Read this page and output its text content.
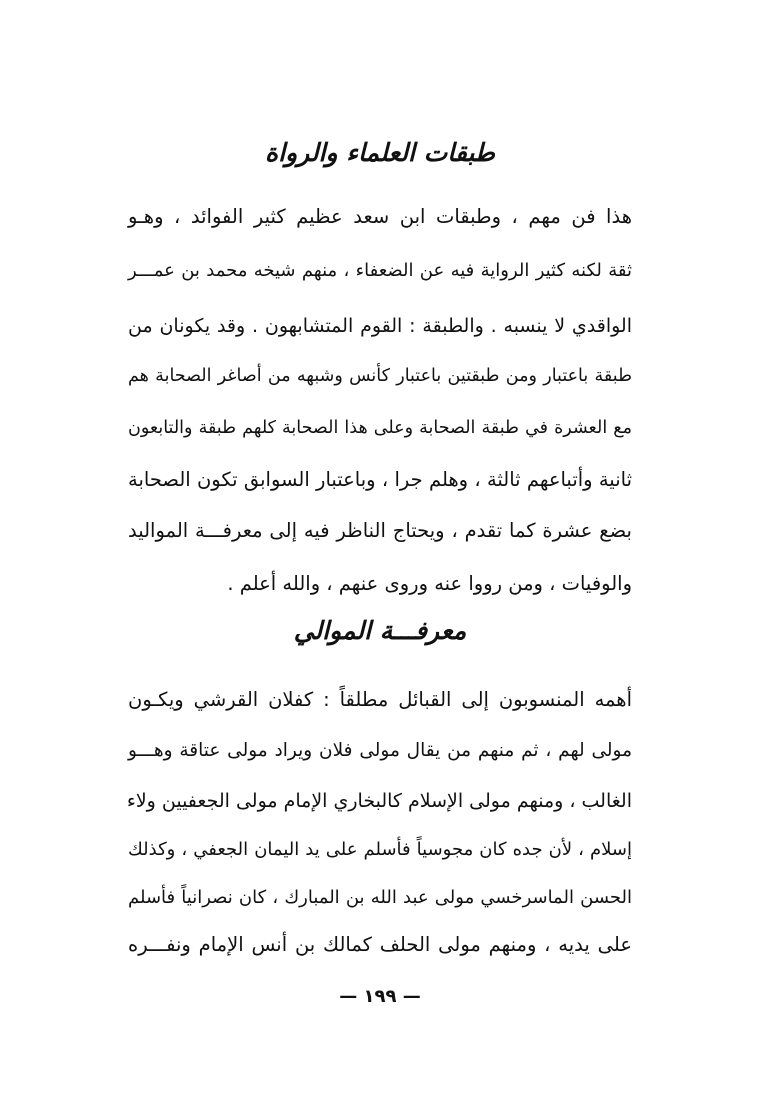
طبقات العلماء والرواة
هذا فن مهم ، وطبقات ابن سعد عظيم كثير الفوائد ، وهـو
ثقة لكنه كثير الرواية فيه عن الضعفاء ، منهم شيخه محمد بن عمـــر
الواقدي لا ينسبه . والطبقة : القوم المتشابهون . وقد يكونان من
طبقة باعتبار ومن طبقتين باعتبار كأنس وشبهه من أصاغر الصحابة هم
مع العشرة في طبقة الصحابة وعلى هذا الصحابة كلهم طبقة والتابعون
ثانية وأتباعهم ثالثة ، وهلم جرا ، وباعتبار السوابق تكون الصحابة
بضع عشرة كما تقدم ، ويحتاج الناظر فيه إلى معرفـــة المواليد
والوفيات ، ومن رووا عنه وروى عنهم ، والله أعلم .
معرفـــة الموالي
أهمه المنسوبون إلى القبائل مطلقاً : كفلان القرشي ويكـون
مولى لهم ، ثم منهم من يقال مولى فلان ويراد مولى عتاقة وهـــو
الغالب ، ومنهم مولى الإسلام كالبخاري الإمام مولى الجعفيين ولاء
إسلام ، لأن جده كان مجوسياً فأسلم على يد اليمان الجعفي ، وكذلك
الحسن الماسرخسي مولى عبد الله بن المبارك ، كان نصرانياً فأسلم
على يديه ، ومنهم مولى الحلف كمالك بن أنس الإمام ونفـــره
— ١٩٩ —
